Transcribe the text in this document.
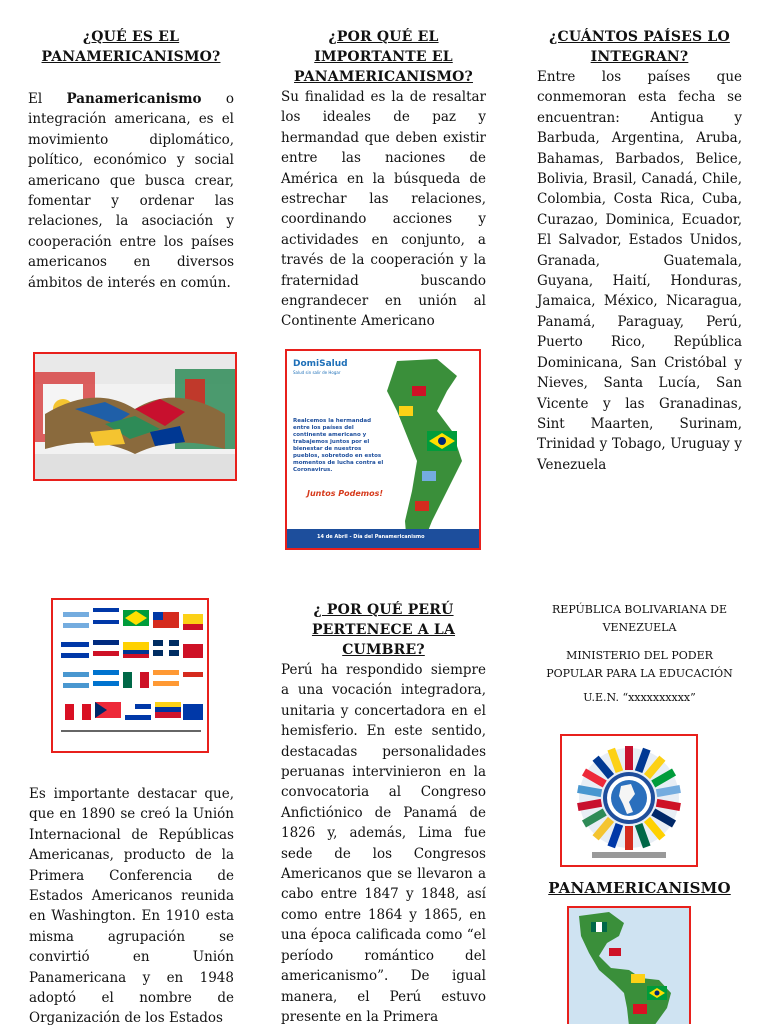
¿QUÉ ES EL PANAMERICANISMO?

El Panamericanismo o integración americana, es el movimiento diplomático, político, económico y social americano que busca crear, fomentar y ordenar las relaciones, la asociación y cooperación entre los países americanos en diversos ámbitos de interés en común.

¿POR QUÉ EL IMPORTANTE EL PANAMERICANISMO?

Su finalidad es la de resaltar los ideales de paz y hermandad que deben existir entre las naciones de América en la búsqueda de estrechar las relaciones, coordinando acciones y actividades en conjunto, a través de la cooperación y la fraternidad buscando engrandecer en unión al Continente Americano

DomiSalud
Salud sin salir de Hogar
Realcemos la hermandad entre los países del continente americano y trabajemos juntos por el bienestar de nuestros pueblos, sobretodo en estos momentos de lucha contra el Coronavirus.
Juntos Podemos!
14 de Abril - Día del Panamericanismo
¿CUÁNTOS PAÍSES LO INTEGRAN?

Entre los países que conmemoran esta fecha se encuentran: Antigua y Barbuda, Argentina, Aruba, Bahamas, Barbados, Belice, Bolivia, Brasil, Canadá, Chile, Colombia, Costa Rica, Cuba, Curazao, Dominica, Ecuador, El Salvador, Estados Unidos, Granada, Guatemala, Guyana, Haití, Honduras, Jamaica, México, Nicaragua, Panamá, Paraguay, Perú, Puerto Rico, República Dominicana, San Cristóbal y Nieves, Santa Lucía, San Vicente y las Granadinas, Sint Maarten, Surinam, Trinidad y Tobago, Uruguay y Venezuela

Es importante destacar que, que en 1890 se creó la Unión Internacional de Repúblicas Americanas, producto de la Primera Conferencia de Estados Americanos reunida en Washington. En 1910 esta misma agrupación se convirtió en Unión Panamericana y en 1948 adoptó el nombre de Organización de los Estados

¿ POR QUÉ PERÚ PERTENECE A LA CUMBRE?

Perú ha respondido siempre a una vocación integradora, unitaria y concertadora en el hemisferio. En este sentido, destacadas personalidades peruanas intervinieron en la convocatoria al Congreso Anfictiónico de Panamá de 1826 y, además, Lima fue sede de los Congresos Americanos que se llevaron a cabo entre 1847 y 1848, así como entre 1864 y 1865, en una época calificada como “el período romántico del americanismo”. De igual manera, el Perú estuvo presente en la Primera

REPÚBLICA BOLIVARIANA DE VENEZUELA
MINISTERIO DEL PODER POPULAR PARA LA EDUCACIÓN
U.E.N. “xxxxxxxxxx”
PANAMERICANISMO
